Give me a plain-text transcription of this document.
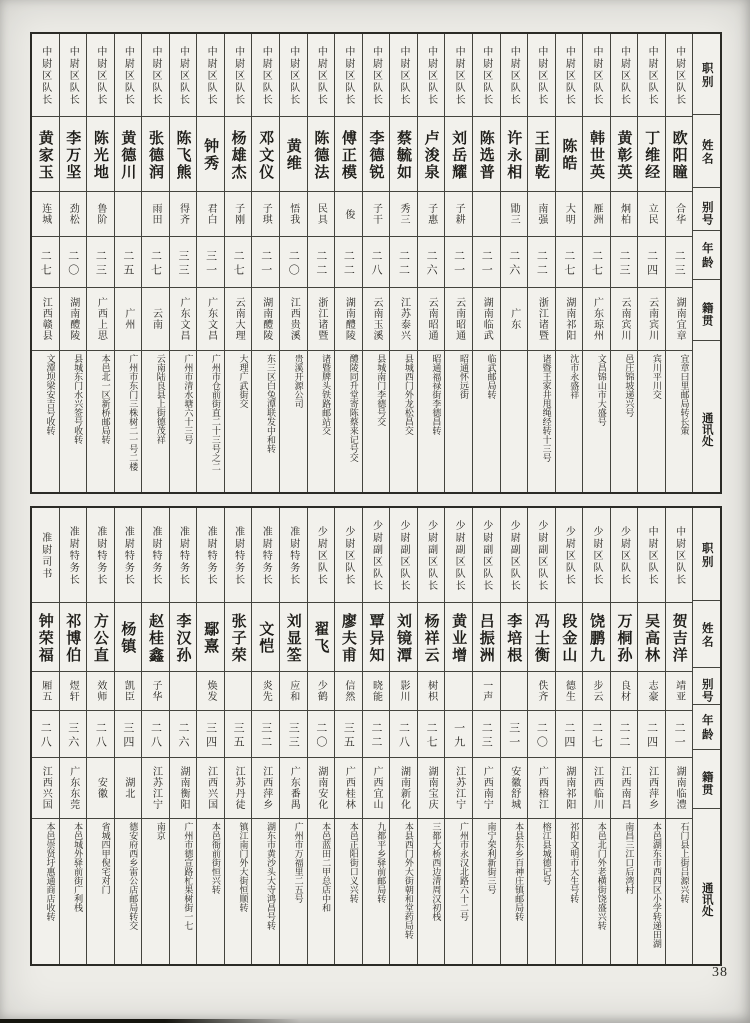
职别
姓名
别号
年龄
籍贯
通讯处
中尉区队长
欧阳瞳
合华
二三
湖南宜章
宜章曰里邮局转长策
中尉区队长
丁维经
立民
二四
云南宾川
宾川平川交
中尉区队长
黄彰英
炯柏
二三
云南宾川
邑庄锦坡递兴号
中尉区队长
韩世英
雁洲
二七
广东琼州
文昌锦山市大盛号
中尉区队长
陈皓
大明
二七
湖南祁阳
沈市永盛祥
中尉区队长
王副乾
南强
二二
浙江诸暨
诸暨王家井甩绳经转十三号
中尉区队长
许永相
勖三
二六
广东
中尉区队长
陈选普
二一
湖南临武
临武邮局转
中尉区队长
刘岳耀
子耕
二一
云南昭通
昭通怀远街
中尉区队长
卢浚泉
子惠
二六
云南昭通
昭通福禄街李德昌转
中尉区队长
蔡毓如
秀三
二二
江苏泰兴
县城西门外龙松昌交
中尉区队长
李德锐
子干
二八
云南玉溪
县城南门李德号交
中尉区队长
傅正模
俊
二二
湖南醴陵
醴陵同升堂寄陈蔡来记号交
中尉区队长
陈德法
民具
二二
浙江诸暨
诸暨牌头铁路邮站交
中尉区队长
黄维
悟我
二〇
江西贵溪
贵溪开源公司
中尉区队长
邓文仪
子琪
二一
湖南醴陵
东三区白兔潭联发中和转
中尉区队长
杨雄杰
子刚
二七
云南大理
大理广武街交
中尉区队长
钟秀
君白
三一
广东文昌
广州市仓前街直二十三号之二
中尉区队长
陈飞熊
得齐
三三
广东文昌
广州市清水塘六十三号
中尉区队长
张德润
雨田
二七
云南
云南陆良县上街德茂祥
中尉区队长
黄德川
二五
广州
广州市东门三株树二一号二楼
中尉区队长
陈光地
鲁阶
二三
广西上思
本邑北一区新桥邮局转
中尉区队长
李万坚
劲松
二〇
湖南醴陵
县城东门水兴签号收转
中尉区队长
黄家玉
连城
二七
江西赣县
文潭坝梁安吉号收转
职别
姓名
别号
年龄
籍贯
通讯处
中尉区队长
贺吉洋
靖亚
二一
湖南临澧
石门县上街吕源兴转
中尉区队长
吴高林
志豪
二四
江西萍乡
本邑湖东市西四区小学转递田湖
少尉区队长
万桐孙
良材
二二
江西南昌
南昌三江口后湾村
少尉区队长
饶鹏九
步云
二七
江西临川
本邑北门外老横街饶盛兴转
少尉区队长
段金山
德生
二四
湖南祁阳
祁阳文明市大生号转
少尉副区队长
冯士衡
佚齐
二〇
广西榕江
榕江县城德记号
少尉副区队长
李培根
三一
安徽舒城
本县东乡百神庄镇邮局转
少尉副区队长
吕振洲
一声
二三
广西南宁
南宁荣利新街三号
少尉副区队长
黄业增
一九
江苏江宁
广州市永汉北路六十二号
少尉副区队长
杨祥云
树枳
二七
湖南宝庆
三都大桥西边清周汉初栈
少尉副区队长
刘镜潭
影川
二八
湖南新化
本县西门外大街朝和堂药局转
少尉副区队长
覃异知
晓能
二二
广西宜山
九都平乡驿前邮局转
少尉区队长
廖夫甫
信然
三五
广西桂林
本邑正阳街口义兴转
少尉区队长
翟飞
少鹤
二〇
湖南安化
本邑蓝田二甲总店中和
准尉特务长
刘显筌
应和
三三
广东番禺
广州市万福里二五号
准尉特务长
文恺
炎先
三二
江西萍乡
湖东市黄沙头大寺鸿昌号转
准尉特务长
张子荣
三五
江苏丹徒
镇江南门外大街恒顺转
准尉特务长
鄢熹
焕发
三四
江西兴国
本邑衙前街恒兴转
准尉特务长
李汉孙
二六
湖南衡阳
广州市德宣路杧果树街一七
准尉特务长
赵桂鑫
子华
二八
江苏江宁
南京
准尉特务长
杨镇
凯臣
三四
湖北
德安府西乡雷公店邮局转交
准尉特务长
方公直
效师
二八
安徽
省城四甲倪宅对门
准尉特务长
祁博伯
煜轩
三六
广东东莞
本邑城外驿前街广利栈
准尉司书
钟荣福
厢五
二八
江西兴国
本邑崇贤圩惠通商店收转
38
